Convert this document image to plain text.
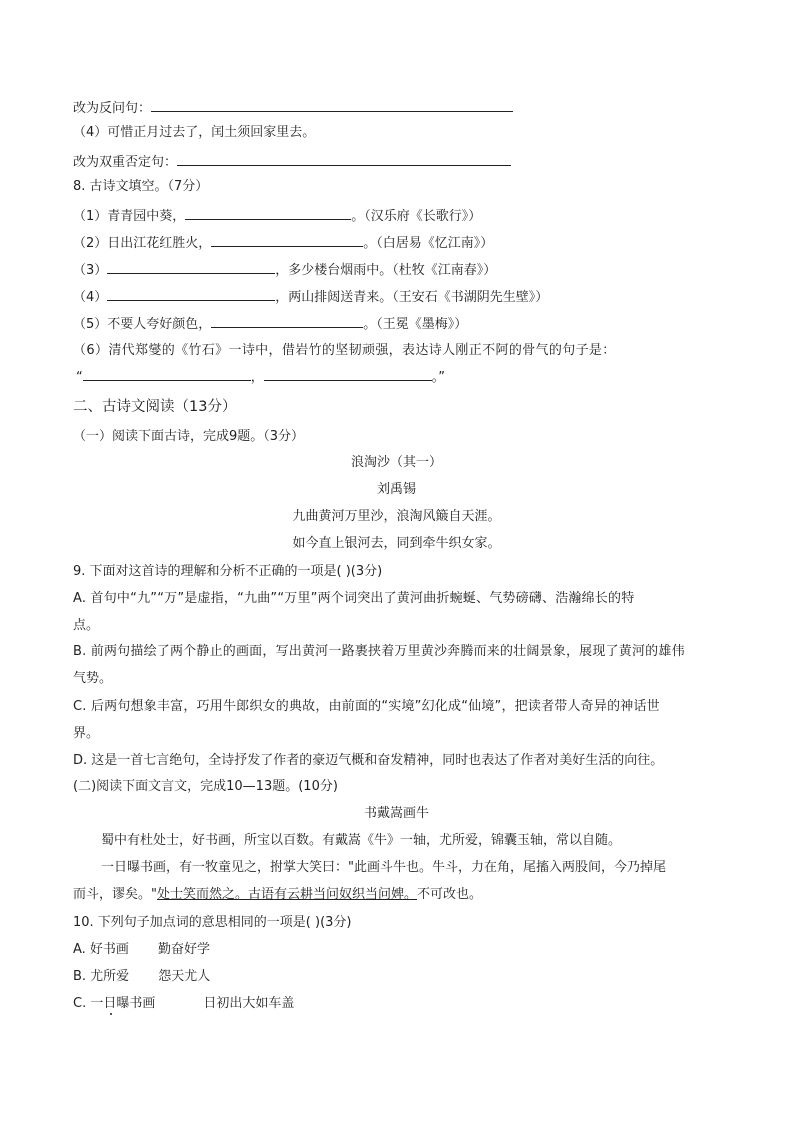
改为反问句：
（4）可惜正月过去了，闰土须回家里去。
改为双重否定句：
8. 古诗文填空。（7分）
（1）青青园中葵，	。（汉乐府《长歌行》）
（2）日出江花红胜火，	。（白居易《忆江南》）
（3）	，多少楼台烟雨中。（杜牧《江南春》）
（4）	，两山排闼送青来。（王安石《书湖阴先生壁》）
（5）不要人夸好颜色，	。（王冕《墨梅》）
（6）清代郑燮的《竹石》一诗中，借岩竹的坚韧顽强，表达诗人刚正不阿的骨气的句子是：
“	，	。”
二、古诗文阅读（13分）
（一）阅读下面古诗，完成9题。（3分）
浪淘沙（其一）
刘禹锡
九曲黄河万里沙，浪淘风簸自天涯。
如今直上银河去，同到牵牛织女家。
9. 下面对这首诗的理解和分析不正确的一项是( )(3分)
A. 首句中“九”“万”是虚指，“九曲”“万里”两个词突出了黄河曲折蜿蜒、气势磅礴、浩瀚绵长的特
点。
B. 前两句描绘了两个静止的画面，写出黄河一路裹挟着万里黄沙奔腾而来的壮阔景象，展现了黄河的雄伟
气势。
C. 后两句想象丰富，巧用牛郎织女的典故，由前面的“实境”幻化成“仙境”，把读者带人奇异的神话世
界。
D. 这是一首七言绝句，全诗抒发了作者的豪迈气概和奋发精神，同时也表达了作者对美好生活的向往。
(二)阅读下面文言文，完成10—13题。(10分)
书戴嵩画牛
蜀中有杜处士，好书画，所宝以百数。有戴嵩《牛》一轴，尤所爱，锦囊玉轴，常以自随。
一日曝书画，有一牧童见之，拊掌大笑曰："此画斗牛也。牛斗，力在角，尾搐入两股间，今乃掉尾
而斗，谬矣。"处士笑而然之。古语有云耕当问奴织当问婢。不可改也。
10. 下列句子加点词的意思相同的一项是( )(3分)
A. 好书画 勤奋好学
B. 尤所爱 怨天尤人
C. 一日曝书画	日初出大如车盖
